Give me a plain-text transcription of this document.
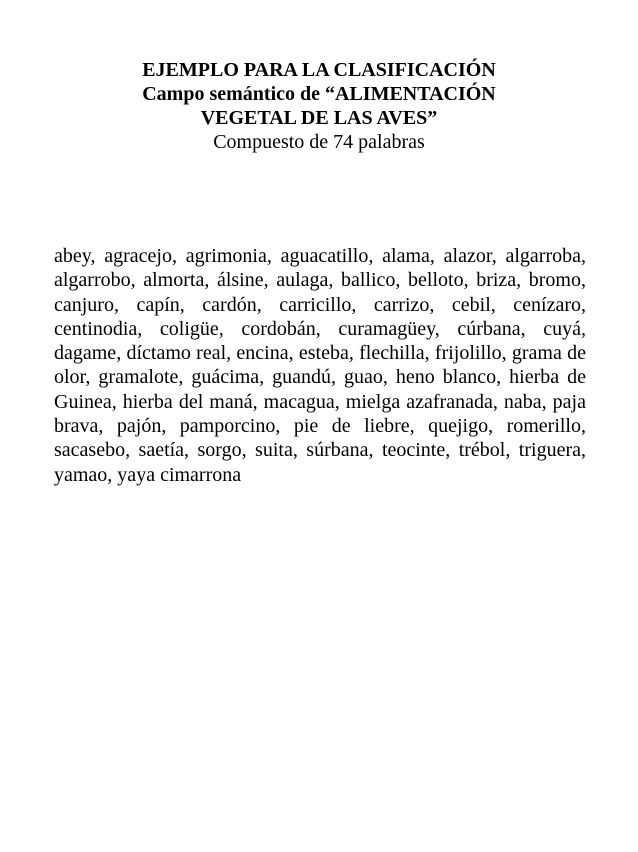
EJEMPLO PARA LA CLASIFICACIÓN
Campo semántico de “ALIMENTACIÓN
VEGETAL DE LAS AVES”
Compuesto de 74 palabras

abey, agracejo, agrimonia, aguacatillo, alama, alazor, algarroba, algarrobo, almorta, álsine, aulaga, ballico, belloto, briza, bromo, canjuro, capín, cardón, carricillo, carrizo, cebil, cenízaro, centinodia, coligüe, cordobán, curamagüey, cúrbana, cuyá, dagame, díctamo real, encina, esteba, flechilla, frijolillo, grama de olor, gramalote, guácima, guandú, guao, heno blanco, hierba de Guinea, hierba del maná, macagua, mielga azafranada, naba, paja brava, pajón, pamporcino, pie de liebre, quejigo, romerillo, sacasebo, saetía, sorgo, suita, súrbana, teocinte, trébol, triguera, yamao, yaya cimarrona
